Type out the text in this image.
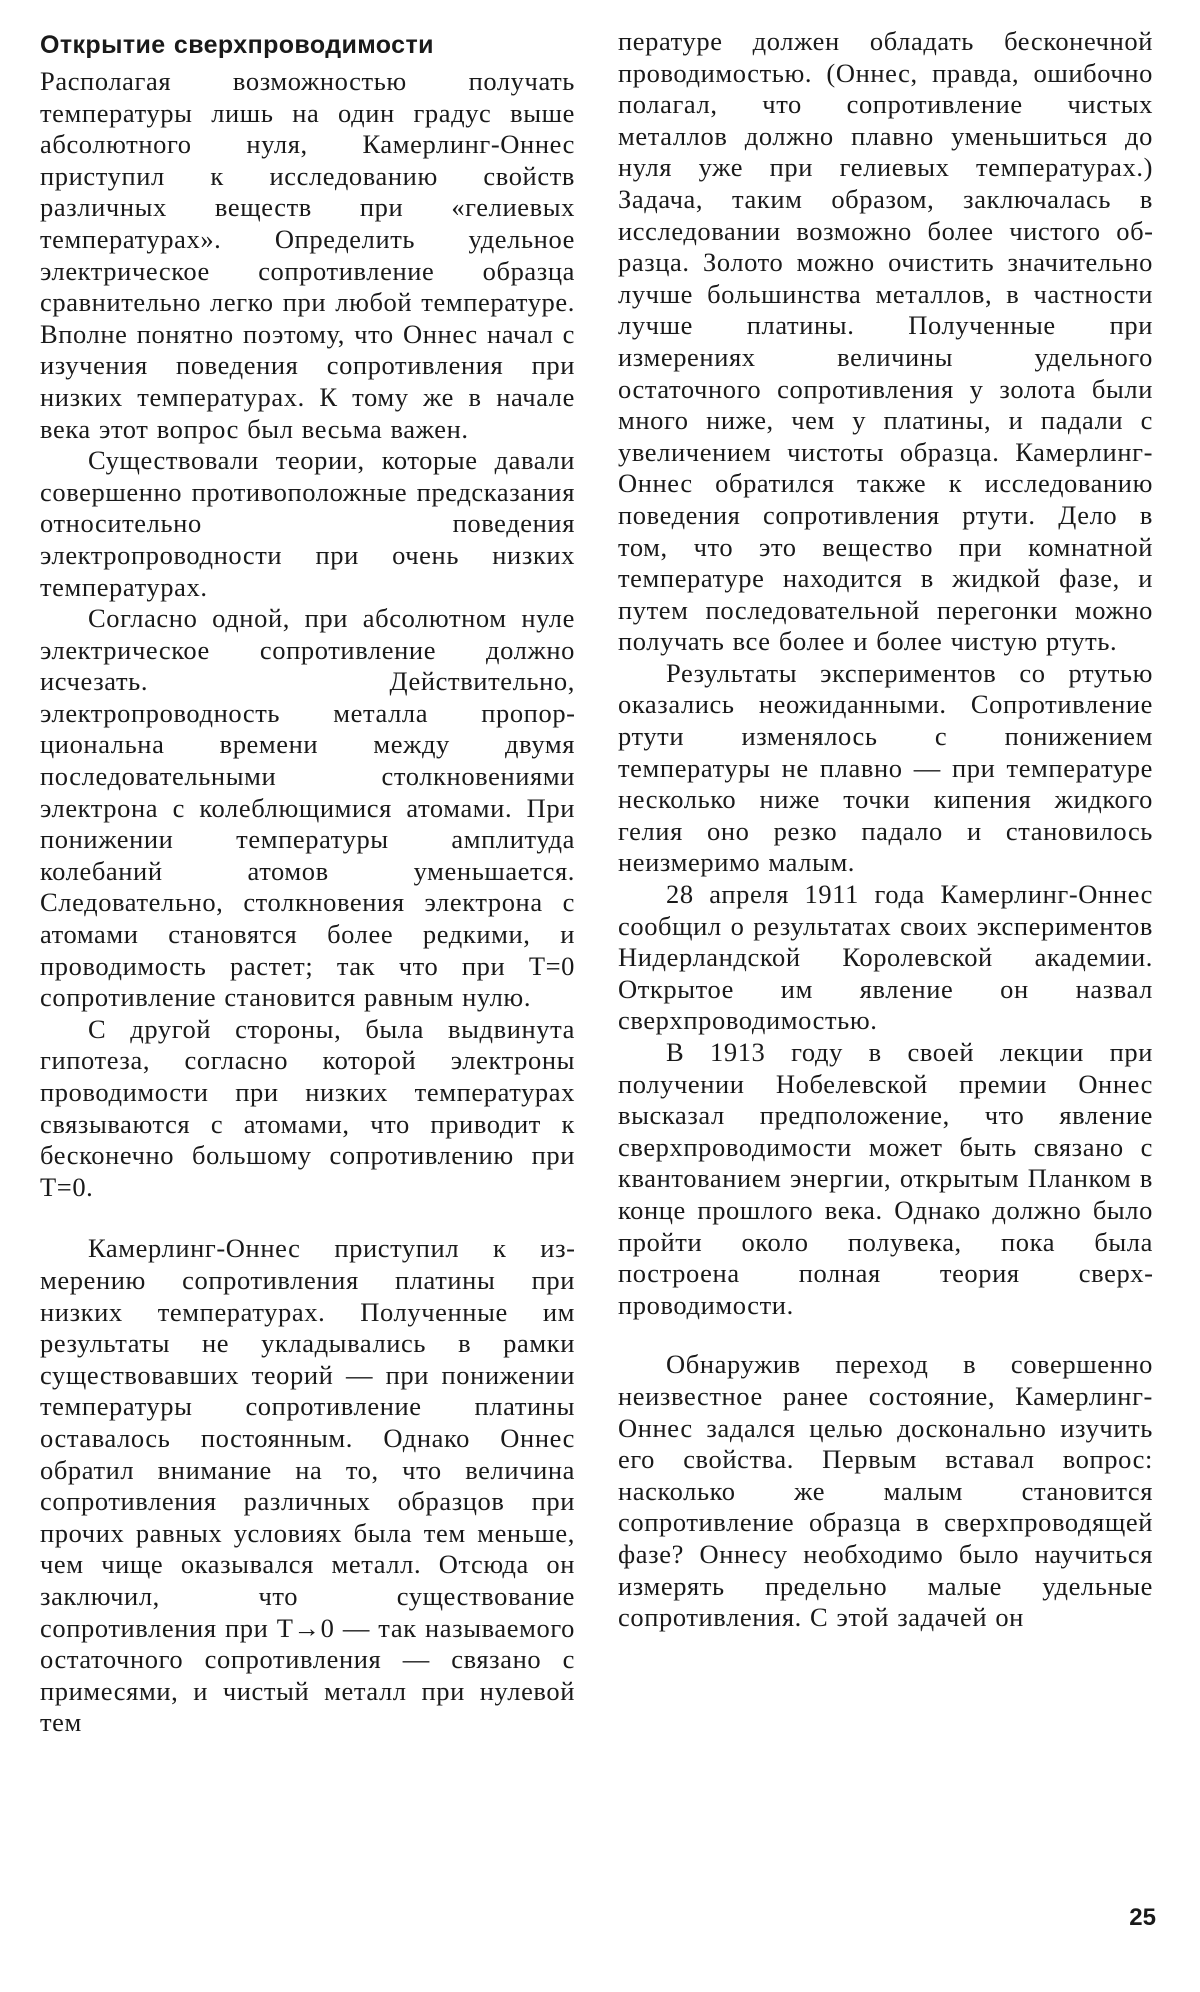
Открытие сверхпроводимости

Располагая возможностью получать температуры лишь на один градус выше абсолютного нуля, Камерлинг-Оннес приступил к исследованию свойств различных веществ при «гелиевых температурах». Определить удельное электрическое сопротивление образца сравнительно легко при любой температуре. Вполне понятно поэтому, что Оннес начал с изучения поведения сопротивления при низких температурах. К тому же в начале века этот вопрос был весьма важен.

Существовали теории, которые давали совершенно противоположные предсказания относительно поведения электропроводности при очень низких температурах.

Согласно одной, при абсолютном нуле электрическое сопротивление должно исчезать. Действительно, электропроводность металла пропорциональна времени между двумя последовательными столкновениями электрона с колеблющимися атомами. При понижении температуры амплитуда колебаний атомов уменьшается. Следовательно, столкновения электрона с атомами становятся более редкими, и проводимость растет; так что при T=0 сопротивление становится равным нулю.

С другой стороны, была выдвинута гипотеза, согласно которой электроны проводимости при низких температурах связываются с атомами, что приводит к бесконечно большому сопротивлению при T=0.

Камерлинг-Оннес приступил к измерению сопротивления платины при низких температурах. Полученные им результаты не укладывались в рамки существовавших теорий — при понижении температуры сопротивление платины оставалось постоянным. Однако Оннес обратил внимание на то, что величина сопротивления различных образцов при прочих равных условиях была тем меньше, чем чище оказывался металл. Отсюда он заключил, что существование сопротивления при T→0 — так называемого остаточного сопротивления — связано с примесями, и чистый металл при нулевой тем

пературе должен обладать бесконечной проводимостью. (Оннес, правда, ошибочно полагал, что сопротивление чистых металлов должно плавно уменьшиться до нуля уже при гелиевых температурах.) Задача, таким образом, заключалась в исследовании возможно более чистого образца. Золото можно очистить значительно лучше большинства металлов, в частности лучше платины. Полученные при измерениях величины удельного остаточного сопротивления у золота были много ниже, чем у платины, и падали с увеличением чистоты образца. Камерлинг-Оннес обратился также к исследованию поведения сопротивления ртути. Дело в том, что это вещество при комнатной температуре находится в жидкой фазе, и путем последовательной перегонки можно получать все более и более чистую ртуть.

Результаты экспериментов со ртутью оказались неожиданными. Сопротивление ртути изменялось с понижением температуры не плавно — при температуре несколько ниже точки кипения жидкого гелия оно резко падало и становилось неизмеримо малым.

28 апреля 1911 года Камерлинг-Оннес сообщил о результатах своих экспериментов Нидерландской Королевской академии. Открытое им явление он назвал сверхпроводимостью.

В 1913 году в своей лекции при получении Нобелевской премии Оннес высказал предположение, что явление сверхпроводимости может быть связано с квантованием энергии, открытым Планком в конце прошлого века. Однако должно было пройти около полувека, пока была построена полная теория сверхпроводимости.

Обнаружив переход в совершенно неизвестное ранее состояние, Камерлинг-Оннес задался целью досконально изучить его свойства. Первым вставал вопрос: насколько же малым становится сопротивление образца в сверхпроводящей фазе? Оннесу необходимо было научиться измерять предельно малые удельные сопротивления. С этой задачей он

25
